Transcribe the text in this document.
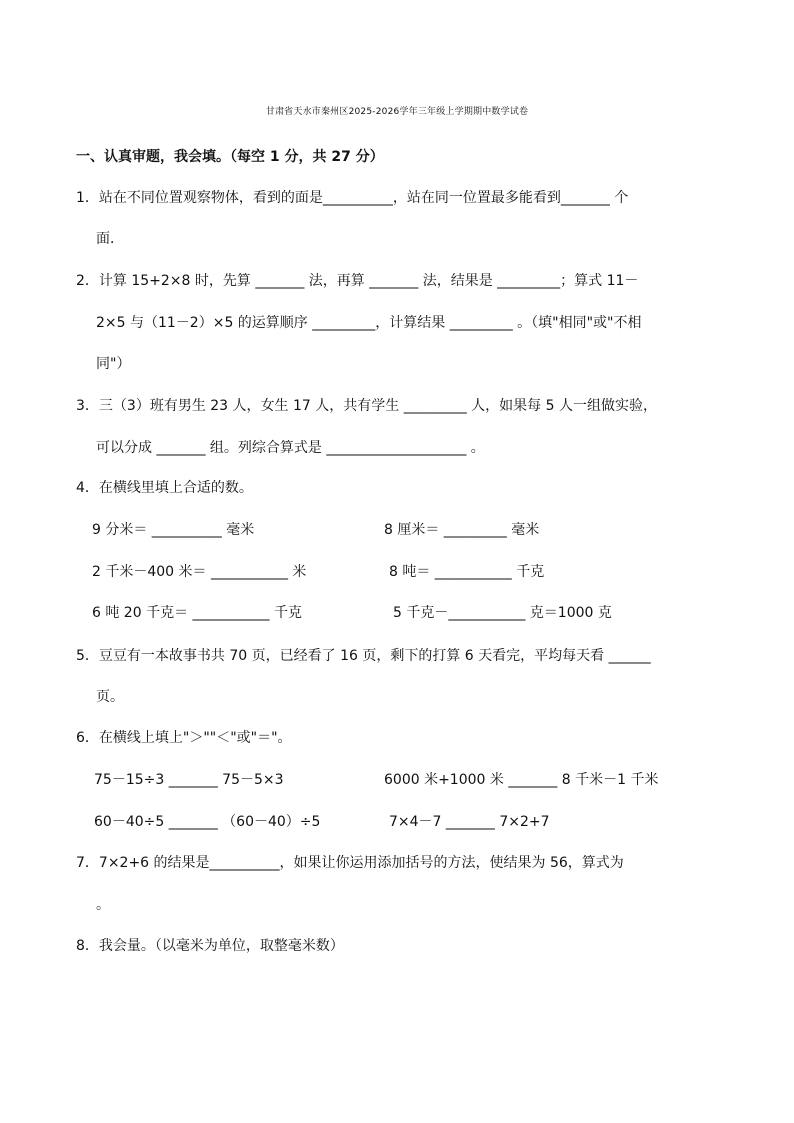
甘肃省天水市秦州区2025-2026学年三年级上学期期中数学试卷
一、认真审题，我会填。（每空 1 分，共 27 分）
1．站在不同位置观察物体，看到的面是__________，站在同一位置最多能看到_______ 个
面．
2．计算 15+2×8 时，先算 _______ 法，再算 _______ 法，结果是 _________；算式 11－
2×5 与（11－2）×5 的运算顺序 _________，计算结果 _________ 。（填"相同"或"不相
同"）
3．三（3）班有男生 23 人，女生 17 人，共有学生 _________ 人，如果每 5 人一组做实验，
可以分成 _______ 组。列综合算式是 ____________________ 。
4．在横线里填上合适的数。
9 分米＝ __________ 毫米	8 厘米＝ _________ 毫米
2 千米－400 米＝ ___________ 米	8 吨＝ ___________ 千克
6 吨 20 千克＝ ___________ 千克	5 千克－___________ 克＝1000 克
5．豆豆有一本故事书共 70 页，已经看了 16 页，剩下的打算 6 天看完，平均每天看 ______
页。
6．在横线上填上"＞""＜"或"＝"。
75－15÷3 _______ 75－5×3	6000 米+1000 米 _______ 8 千米－1 千米
60－40÷5 _______ （60－40）÷5	7×4－7 _______ 7×2+7
7．7×2+6 的结果是__________，如果让你运用添加括号的方法，使结果为 56，算式为
。
8．我会量。（以毫米为单位，取整毫米数）
